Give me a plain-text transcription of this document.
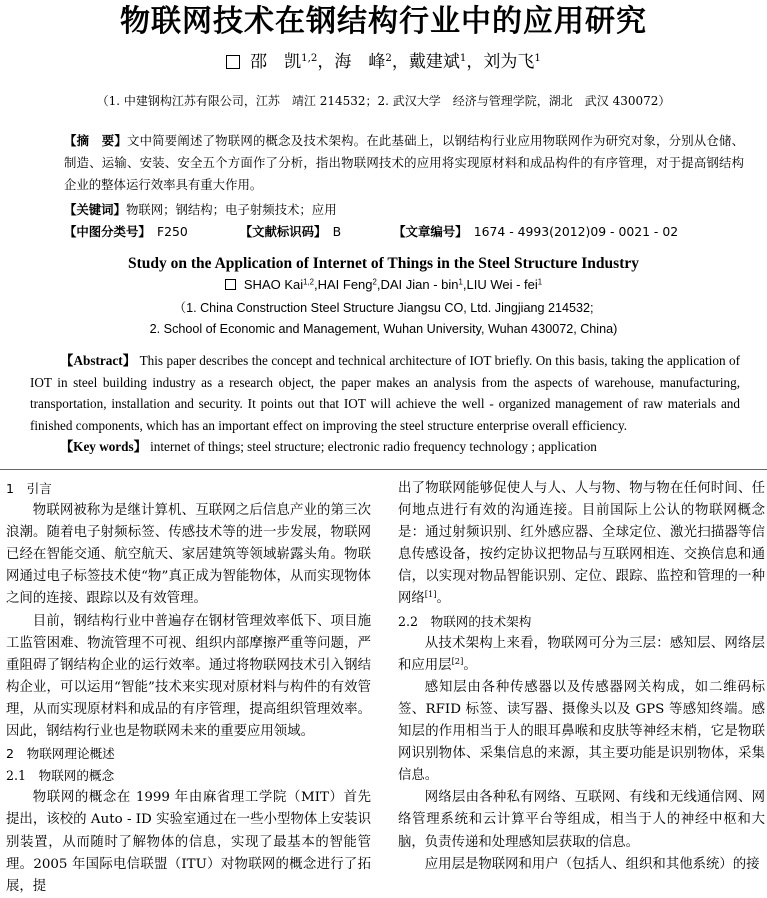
物联网技术在钢结构行业中的应用研究
邵　凯$^{1,2}$，海　峰$^2$，戴建斌$^1$，刘为飞$^1$
（1. 中建钢构江苏有限公司，江苏　靖江 214532；2. 武汉大学　经济与管理学院，湖北　武汉 430072）
【摘　要】文中简要阐述了物联网的概念及技术架构。在此基础上，以钢结构行业应用物联网作为研究对象，分别从仓储、制造、运输、安装、安全五个方面作了分析，指出物联网技术的应用将实现原材料和成品构件的有序管理，对于提高钢结构企业的整体运行效率具有重大作用。
【关键词】物联网；钢结构；电子射频技术；应用
【中图分类号】　 F250	【文献标识码】　 B	【文章编号】　 1674 - 4993(2012)09 - 0021 - 02
Study on the Application of Internet of Things in the Steel Structure Industry
SHAO Kai$^{1,2}$,HAI Feng$^2$,DAI Jian - bin$^1$,LIU Wei - fei$^1$
（1. China Construction Steel Structure Jiangsu CO, Ltd. Jingjiang 214532;
2. School of Economic and Management, Wuhan University, Wuhan 430072, China)
【Abstract】 This paper describes the concept and technical architecture of IOT briefly. On this basis, taking the application of IOT in steel building industry as a research object, the paper makes an analysis from the aspects of warehouse, manufacturing, transportation, installation and security. It points out that IOT will achieve the well - organized management of raw materials and finished components, which has an important effect on improving the steel structure enterprise overall efficiency.
【Key words】 internet of things; steel structure; electronic radio frequency technology ; application

1　引言

物联网被称为是继计算机、互联网之后信息产业的第三次浪潮。随着电子射频标签、传感技术等的进一步发展，物联网已经在智能交通、航空航天、家居建筑等领域崭露头角。物联网通过电子标签技术使“物”真正成为智能物体，从而实现物体之间的连接、跟踪以及有效管理。

目前，钢结构行业中普遍存在钢材管理效率低下、项目施工监管困难、物流管理不可视、组织内部摩擦严重等问题，严重阻碍了钢结构企业的运行效率。通过将物联网技术引入钢结构企业，可以运用“智能”技术来实现对原材料与构件的有效管理，从而实现原材料和成品的有序管理，提高组织管理效率。因此，钢结构行业也是物联网未来的重要应用领域。

2　物联网理论概述

2.1　物联网的概念

物联网的概念在 1999 年由麻省理工学院（MIT）首先提出，该校的 Auto - ID 实验室通过在一些小型物体上安装识别装置，从而随时了解物体的信息，实现了最基本的智能管理。2005 年国际电信联盟（ITU）对物联网的概念进行了拓展，提

出了物联网能够促使人与人、人与物、物与物在任何时间、任何地点进行有效的沟通连接。目前国际上公认的物联网概念是：通过射频识别、红外感应器、全球定位、激光扫描器等信息传感设备，按约定协议把物品与互联网相连、交换信息和通信，以实现对物品智能识别、定位、跟踪、监控和管理的一种网络[1]。

2.2　物联网的技术架构

从技术架构上来看，物联网可分为三层：感知层、网络层和应用层[2]。

感知层由各种传感器以及传感器网关构成，如二维码标签、RFID 标签、读写器、摄像头以及 GPS 等感知终端。感知层的作用相当于人的眼耳鼻喉和皮肤等神经末梢，它是物联网识别物体、采集信息的来源，其主要功能是识别物体，采集信息。

网络层由各种私有网络、互联网、有线和无线通信网、网络管理系统和云计算平台等组成，相当于人的神经中枢和大脑，负责传递和处理感知层获取的信息。

应用层是物联网和用户（包括人、组织和其他系统）的接
